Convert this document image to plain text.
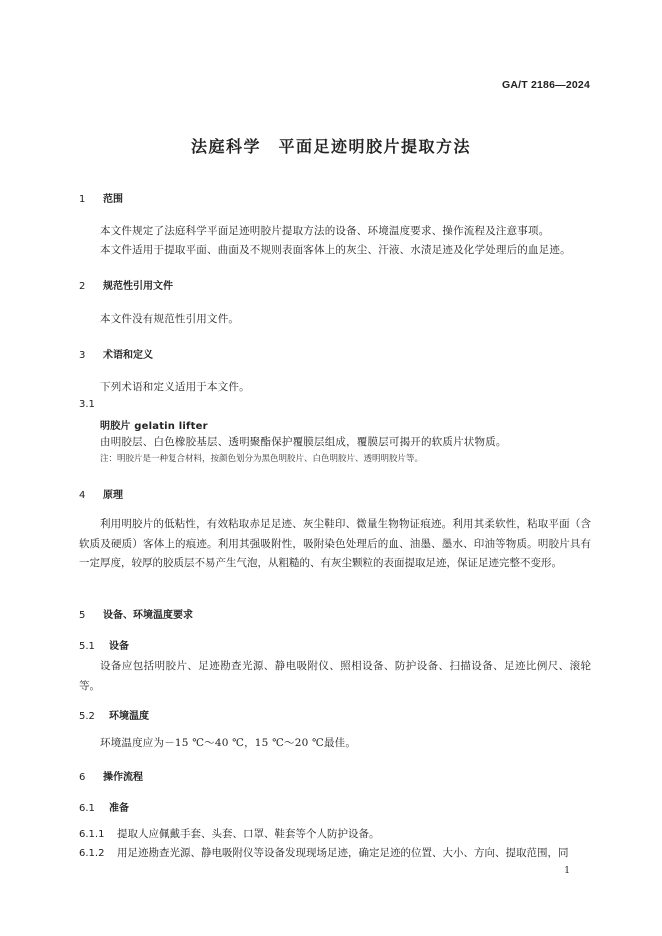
GA/T 2186—2024
法庭科学　平面足迹明胶片提取方法
1 范围
本文件规定了法庭科学平面足迹明胶片提取方法的设备、环境温度要求、操作流程及注意事项。
本文件适用于提取平面、曲面及不规则表面客体上的灰尘、汗液、水渍足迹及化学处理后的血足迹。
2 规范性引用文件
本文件没有规范性引用文件。
3 术语和定义
下列术语和定义适用于本文件。
3.1
明胶片 gelatin lifter
由明胶层、白色橡胶基层、透明聚酯保护覆膜层组成，覆膜层可揭开的软质片状物质。
注：明胶片是一种复合材料，按颜色划分为黑色明胶片、白色明胶片、透明明胶片等。
4 原理
利用明胶片的低粘性，有效粘取赤足足迹、灰尘鞋印、微量生物物证痕迹。利用其柔软性，粘取平面（含软质及硬质）客体上的痕迹。利用其强吸附性，吸附染色处理后的血、油墨、墨水、印油等物质。明胶片具有一定厚度，较厚的胶质层不易产生气泡，从粗糙的、有灰尘颗粒的表面提取足迹，保证足迹完整不变形。
5 设备、环境温度要求
5.1 设备
设备应包括明胶片、足迹勘查光源、静电吸附仪、照相设备、防护设备、扫描设备、足迹比例尺、滚轮等。
5.2 环境温度
环境温度应为－15 ℃～40 ℃，15 ℃～20 ℃最佳。
6 操作流程
6.1 准备
6.1.1 提取人应佩戴手套、头套、口罩、鞋套等个人防护设备。
6.1.2 用足迹勘查光源、静电吸附仪等设备发现现场足迹，确定足迹的位置、大小、方向、提取范围，同
1
